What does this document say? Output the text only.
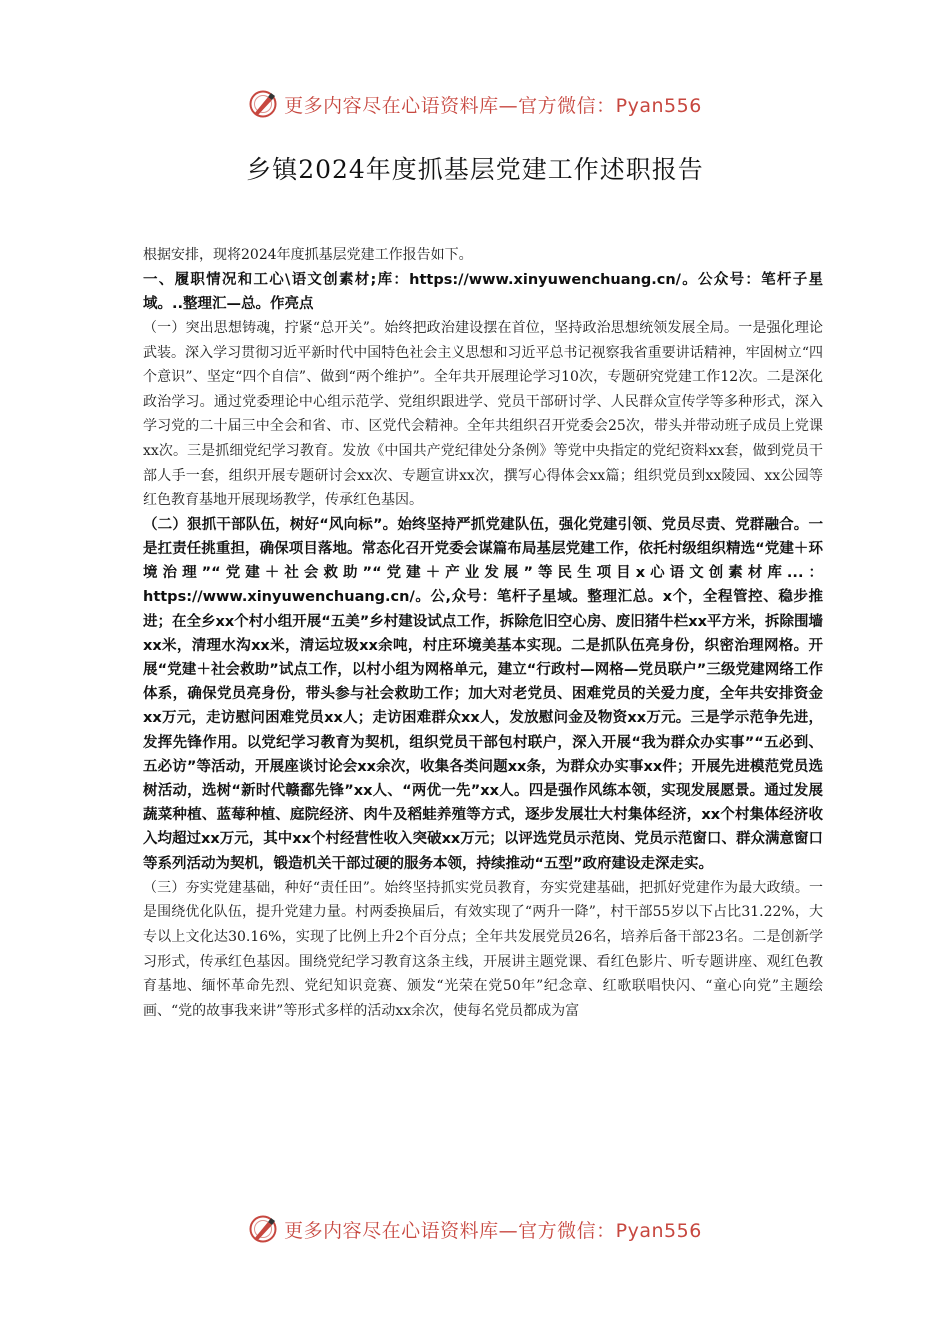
更多内容尽在心语资料库—官方微信：Pyan556
乡镇2024年度抓基层党建工作述职报告

根据安排，现将2024年度抓基层党建工作报告如下。

一、履职情况和工心\语文创素材;库：https://www.xinyuwenchuang.cn/。公众号：笔杆子星域。..整理汇—总。作亮点

（一）突出思想铸魂，拧紧“总开关”。始终把政治建设摆在首位，坚持政治思想统领发展全局。一是强化理论武装。深入学习贯彻习近平新时代中国特色社会主义思想和习近平总书记视察我省重要讲话精神，牢固树立“四个意识”、坚定“四个自信”、做到“两个维护”。全年共开展理论学习10次，专题研究党建工作12次。二是深化政治学习。通过党委理论中心组示范学、党组织跟进学、党员干部研讨学、人民群众宣传学等多种形式，深入学习党的二十届三中全会和省、市、区党代会精神。全年共组织召开党委会25次，带头并带动班子成员上党课xx次。三是抓细党纪学习教育。发放《中国共产党纪律处分条例》等党中央指定的党纪资料xx套，做到党员干部人手一套，组织开展专题研讨会xx次、专题宣讲xx次，撰写心得体会xx篇；组织党员到xx陵园、xx公园等红色教育基地开展现场教学，传承红色基因。

（二）狠抓干部队伍，树好“风向标”。始终坚持严抓党建队伍，强化党建引领、党员尽责、党群融合。一是扛责任挑重担，确保项目落地。常态化召开党委会谋篇布局基层党建工作，依托村级组织精选“党建＋环境治理”“党建＋社会救助”“党建＋产业发展”等民生项目x心语文创素材库...：https://www.xinyuwenchuang.cn/。公,众号：笔杆子星域。整理汇总。x个，全程管控、稳步推进；在全乡xx个村小组开展“五美”乡村建设试点工作，拆除危旧空心房、废旧猪牛栏xx平方米，拆除围墙xx米，清理水沟xx米，清运垃圾xx余吨，村庄环境美基本实现。二是抓队伍亮身份，织密治理网格。开展“党建＋社会救助”试点工作，以村小组为网格单元，建立“行政村—网格—党员联户”三级党建网络工作体系，确保党员亮身份，带头参与社会救助工作；加大对老党员、困难党员的关爱力度，全年共安排资金xx万元，走访慰问困难党员xx人；走访困难群众xx人，发放慰问金及物资xx万元。三是学示范争先进，发挥先锋作用。以党纪学习教育为契机，组织党员干部包村联户，深入开展“我为群众办实事”“五必到、五必访”等活动，开展座谈讨论会xx余次，收集各类问题xx条，为群众办实事xx件；开展先进模范党员选树活动，选树“新时代赣鄱先锋”xx人、“两优一先”xx人。四是强作风练本领，实现发展愿景。通过发展蔬菜种植、蓝莓种植、庭院经济、肉牛及稻蛙养殖等方式，逐步发展壮大村集体经济，xx个村集体经济收入均超过xx万元，其中xx个村经营性收入突破xx万元；以评选党员示范岗、党员示范窗口、群众满意窗口等系列活动为契机，锻造机关干部过硬的服务本领，持续推动“五型”政府建设走深走实。

（三）夯实党建基础，种好“责任田”。始终坚持抓实党员教育，夯实党建基础，把抓好党建作为最大政绩。一是围绕优化队伍，提升党建力量。村两委换届后，有效实现了“两升一降”，村干部55岁以下占比31.22%，大专以上文化达30.16%，实现了比例上升2个百分点；全年共发展党员26名，培养后备干部23名。二是创新学习形式，传承红色基因。围绕党纪学习教育这条主线，开展讲主题党课、看红色影片、听专题讲座、观红色教育基地、缅怀革命先烈、党纪知识竞赛、颁发“光荣在党50年”纪念章、红歌联唱快闪、“童心向党”主题绘画、“党的故事我来讲”等形式多样的活动xx余次，使每名党员都成为富

更多内容尽在心语资料库—官方微信：Pyan556
